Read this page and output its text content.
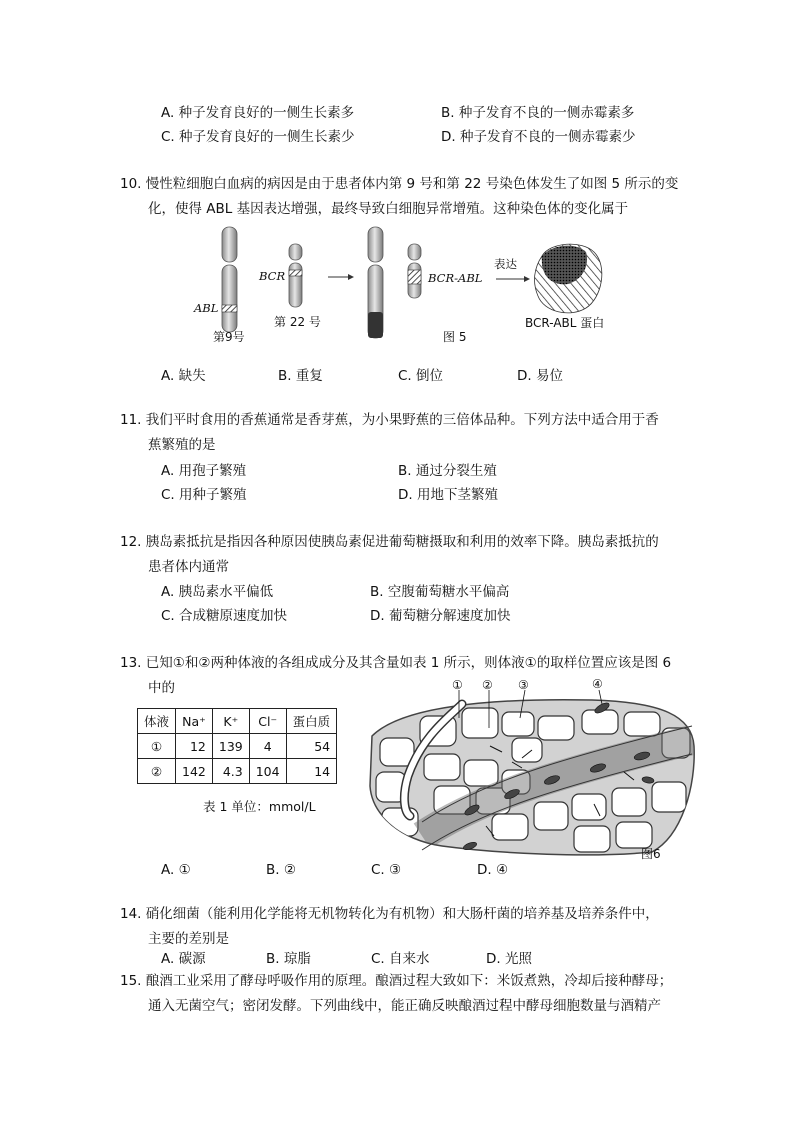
A. 种子发育良好的一侧生长素多	B. 种子发育不良的一侧赤霉素多
C. 种子发育良好的一侧生长素少	D. 种子发育不良的一侧赤霉素少
10. 慢性粒细胞白血病的病因是由于患者体内第 9 号和第 22 号染色体发生了如图 5 所示的变
化，使得 ABL 基因表达增强，最终导致白细胞异常增殖。这种染色体的变化属于
ABL
BCR	BCR-ABL
第9号
第 22 号
表达
图 5
BCR-ABL 蛋白
A. 缺失	B. 重复	C. 倒位	D. 易位
11. 我们平时食用的香蕉通常是香芽蕉，为小果野蕉的三倍体品种。下列方法中适合用于香
蕉繁殖的是
A. 用孢子繁殖	B. 通过分裂生殖
C. 用种子繁殖	D. 用地下茎繁殖
12. 胰岛素抵抗是指因各种原因使胰岛素促进葡萄糖摄取和利用的效率下降。胰岛素抵抗的
患者体内通常
A. 胰岛素水平偏低	B. 空腹葡萄糖水平偏高
C. 合成糖原速度加快	D. 葡萄糖分解速度加快
13. 已知①和②两种体液的各组成成分及其含量如表 1 所示，则体液①的取样位置应该是图 6
中的
体液	Na⁺	K⁺	Cl⁻	蛋白质
①	12	139	4	54
②	142	4.3	104	14
表 1 单位：mmol/L
① ② ③	④
图6
A. ①	B. ②	C. ③	D. ④
14. 硝化细菌（能利用化学能将无机物转化为有机物）和大肠杆菌的培养基及培养条件中，
主要的差别是
A. 碳源	B. 琼脂	C. 自来水	D. 光照
15. 酿酒工业采用了酵母呼吸作用的原理。酿酒过程大致如下：米饭煮熟，冷却后接种酵母；
通入无菌空气；密闭发酵。下列曲线中，能正确反映酿酒过程中酵母细胞数量与酒精产
